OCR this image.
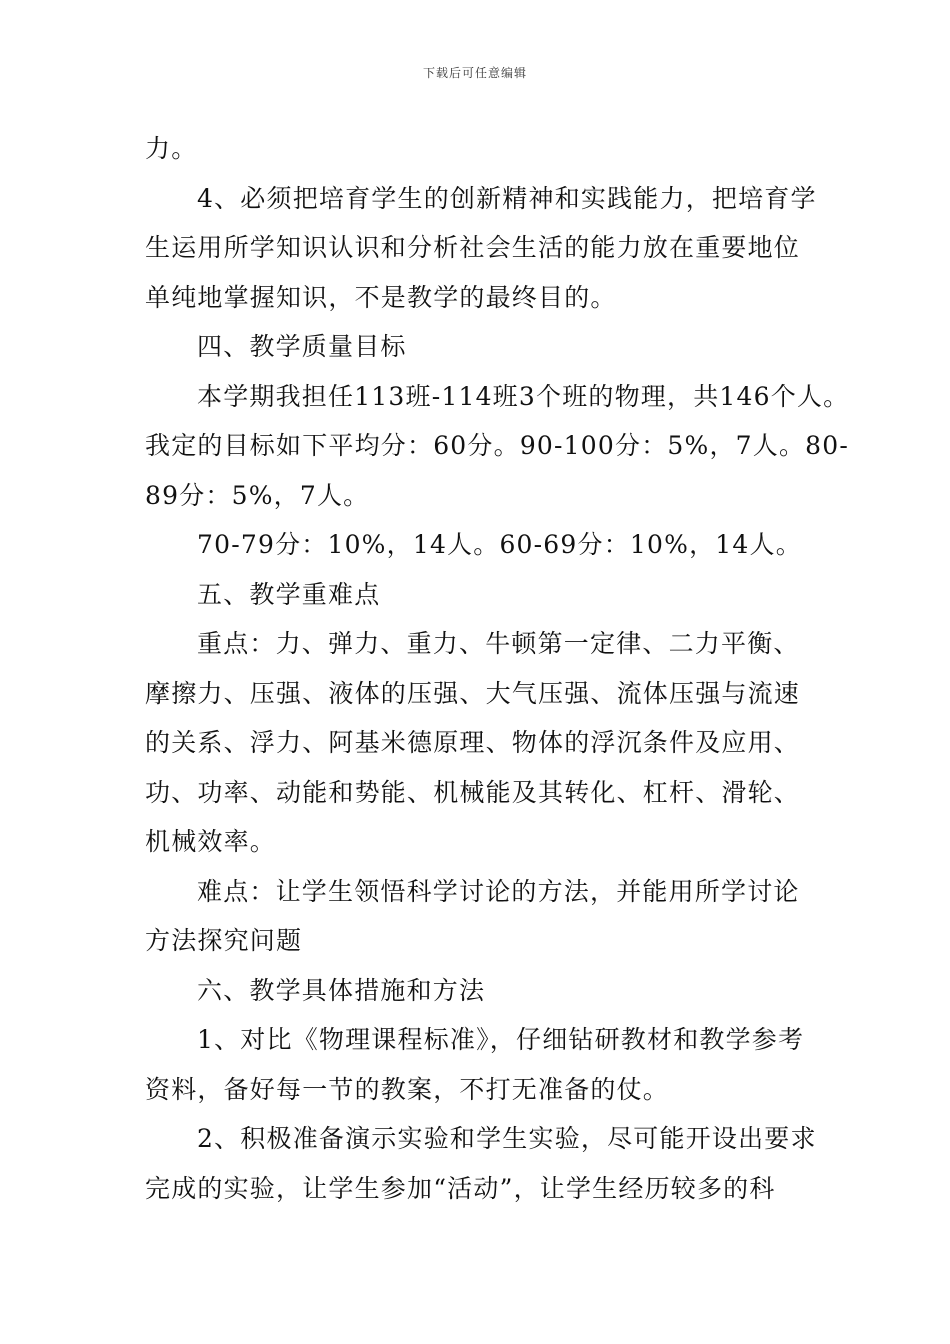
下载后可任意编辑
力。
4、必须把培育学生的创新精神和实践能力，把培育学
生运用所学知识认识和分析社会生活的能力放在重要地位
单纯地掌握知识，不是教学的最终目的。
四、教学质量目标
本学期我担任113班-114班3个班的物理，共146个人。
我定的目标如下平均分：60分。90-100分：5%，7人。80-
89分：5%，7人。
70-79分：10%，14人。60-69分：10%，14人。
五、教学重难点
重点：力、弹力、重力、牛顿第一定律、二力平衡、
摩擦力、压强、液体的压强、大气压强、流体压强与流速
的关系、浮力、阿基米德原理、物体的浮沉条件及应用、
功、功率、动能和势能、机械能及其转化、杠杆、滑轮、
机械效率。
难点：让学生领悟科学讨论的方法，并能用所学讨论
方法探究问题
六、教学具体措施和方法
1、对比《物理课程标准》，仔细钻研教材和教学参考
资料，备好每一节的教案，不打无准备的仗。
2、积极准备演示实验和学生实验，尽可能开设出要求
完成的实验，让学生参加“活动”，让学生经历较多的科
